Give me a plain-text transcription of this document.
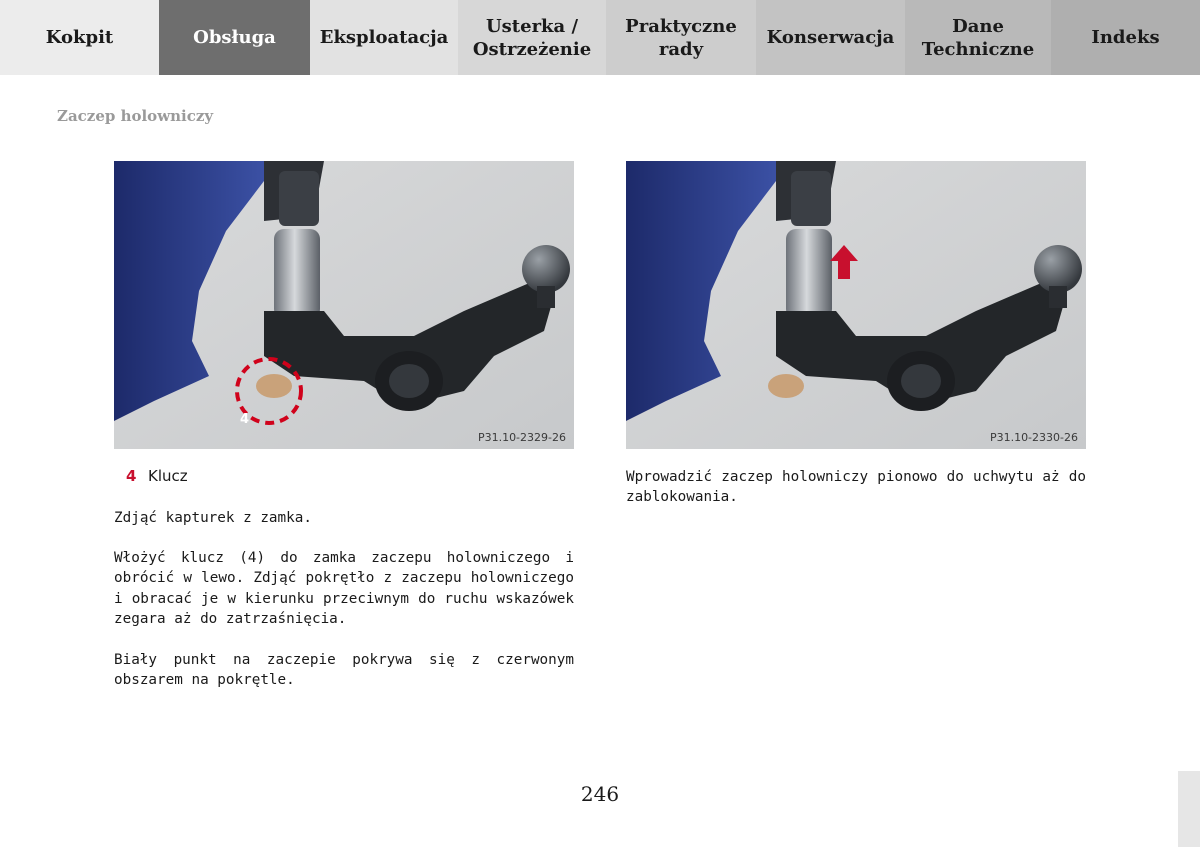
Kokpit	Obsługa Eksploatacja
Usterka /
Ostrzeżenie
Praktyczne
rady
Konserwacja
Dane
Techniczne
Indeks
Zaczep holowniczy
4
P31.10-2329-26	P31.10-2330-26
4 Klucz
Zdjąć kapturek z zamka.
Włożyć klucz (4) do zamka zaczepu holowniczego i obrócić w lewo. Zdjąć pokrętło z zaczepu holowniczego i obracać je w kierunku przeciwnym do ruchu wskazówek zegara aż do zatrzaśnięcia.
Biały punkt na zaczepie pokrywa się z czerwonym obszarem na pokrętle.
Wprowadzić zaczep holowniczy pionowo do uchwytu aż do zablokowania.
246
